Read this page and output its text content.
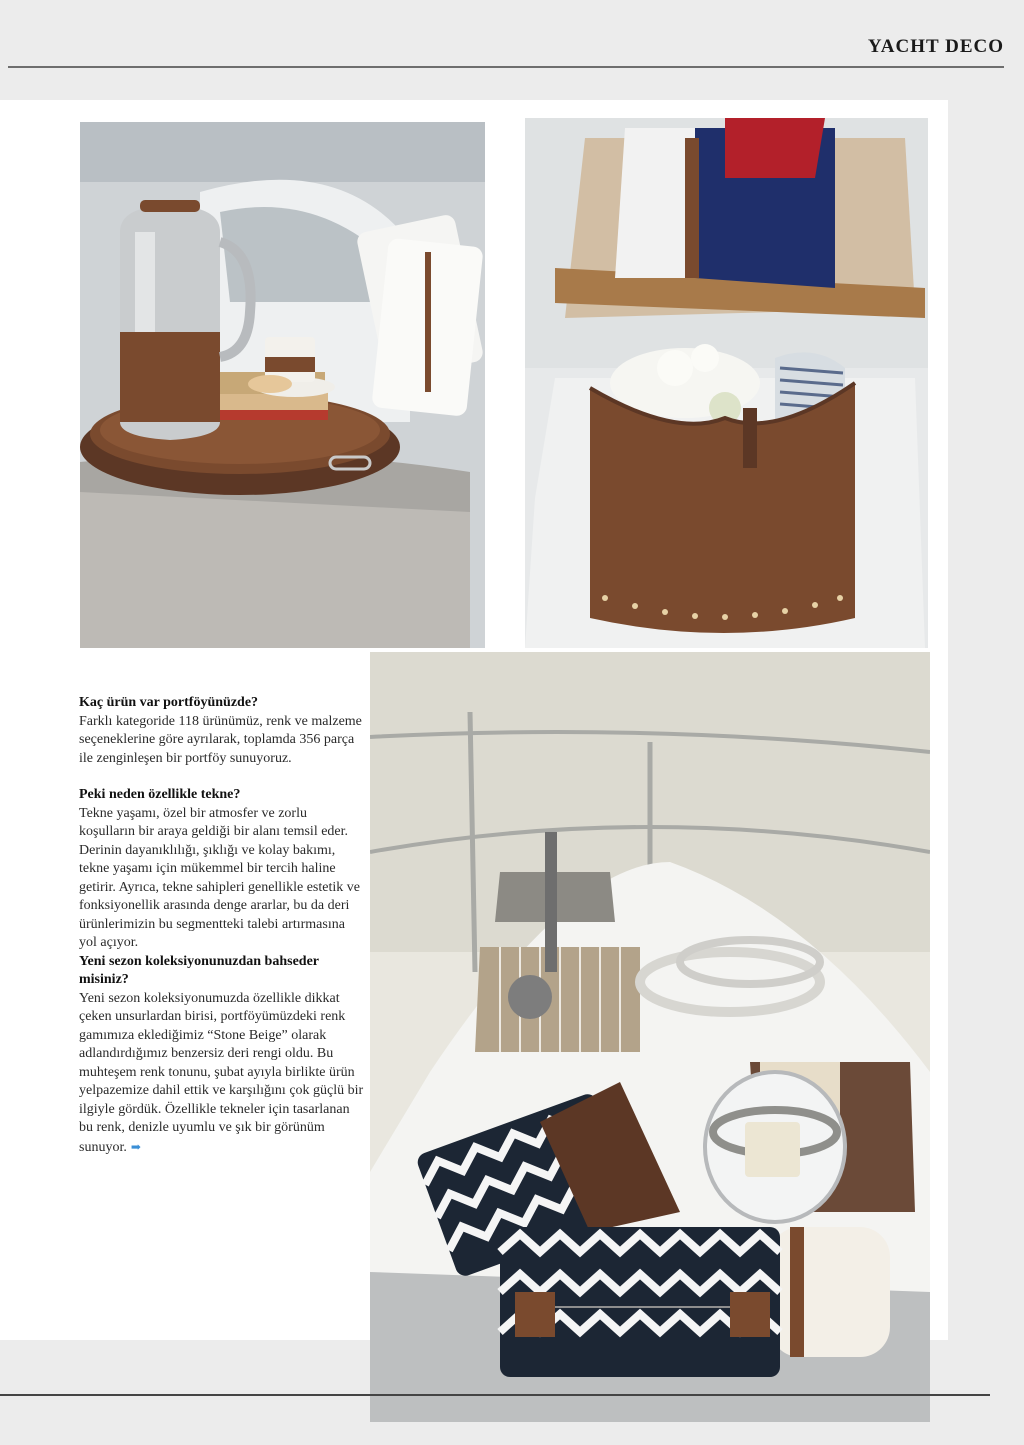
YACHT DECO
Kaç ürün var portföyünüzde?

Farklı kategoride 118 ürünümüz, renk ve malzeme seçeneklerine göre ayrılarak, toplamda 356 parça ile zenginleşen bir portföy sunuyoruz.

Peki neden özellikle tekne?

Tekne yaşamı, özel bir atmosfer ve zorlu koşulların bir araya geldiği bir alanı temsil eder. Derinin dayanıklılığı, şıklığı ve kolay bakımı, tekne yaşamı için mükemmel bir tercih haline getirir. Ayrıca, tekne sahipleri genellikle estetik ve fonksiyonellik arasında denge ararlar, bu da deri ürünlerimizin bu segmentteki talebi artırmasına yol açıyor.

Yeni sezon koleksiyonunuzdan bahseder misiniz?

Yeni sezon koleksiyonumuzda özellikle dikkat çeken unsurlardan birisi, portföyümüzdeki renk gamımıza eklediğimiz “Stone Beige” olarak adlandırdığımız benzersiz deri rengi oldu. Bu muhteşem renk tonunu, şubat ayıyla birlikte ürün yelpazemize dahil ettik ve karşılığını çok güçlü bir ilgiyle gördük. Özellikle tekneler için tasarlanan bu renk, denizle uyumlu ve şık bir görünüm sunuyor. ➡
